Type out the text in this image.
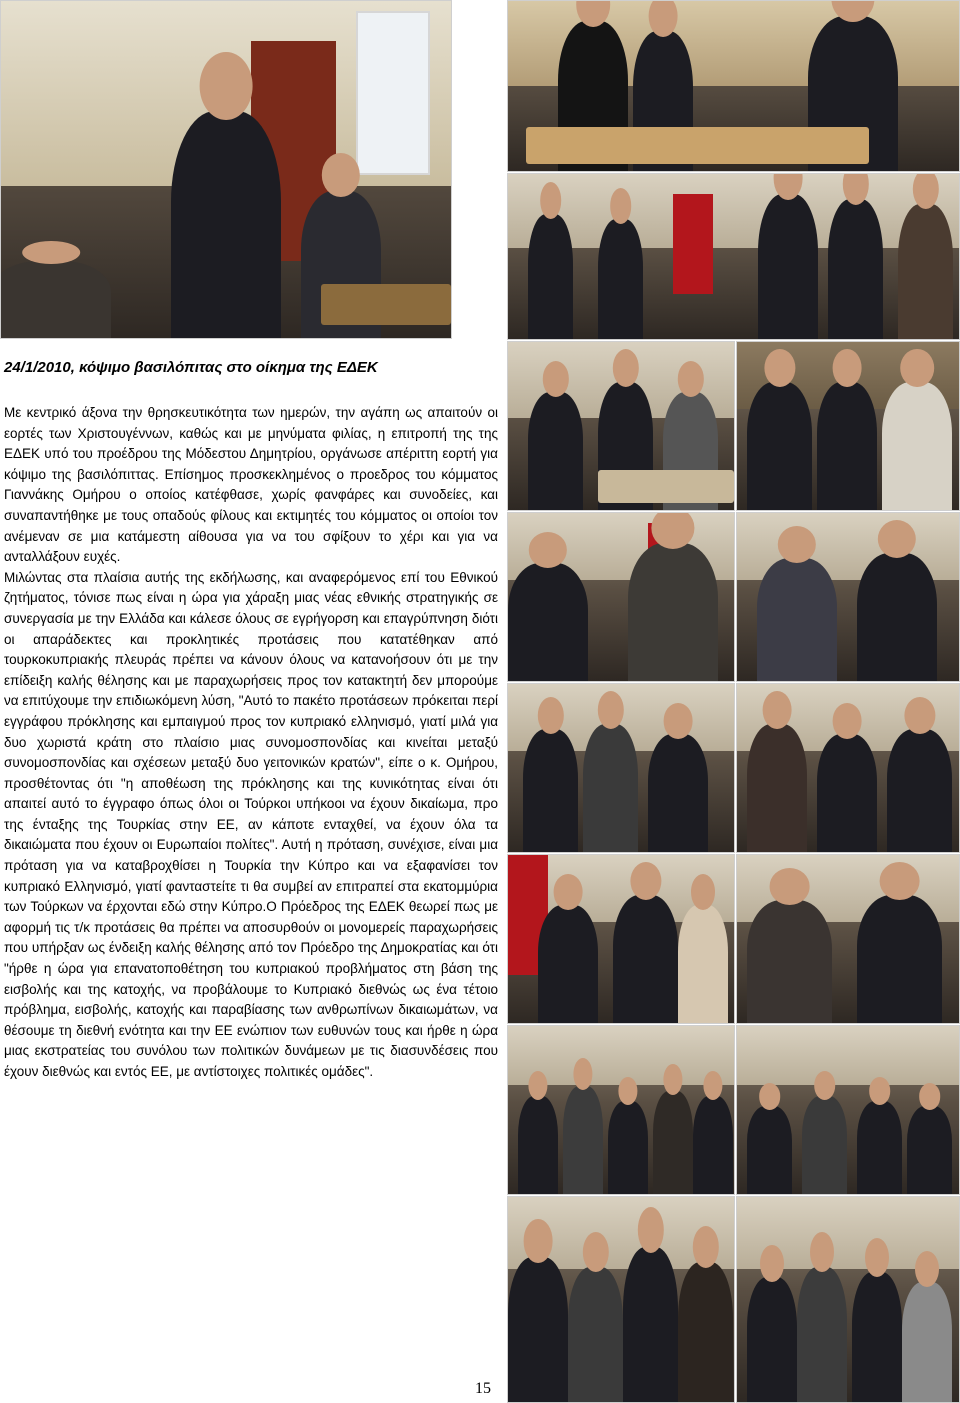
24/1/2010, κόψιμο βασιλόπιτας στο οίκημα της ΕΔΕΚ

Με κεντρικό άξονα την θρησκευτικότητα των ημερών, την αγάπη ως απαιτούν οι εορτές των Χριστουγέννων, καθώς και με μηνύματα φιλίας, η επιτροπή της της ΕΔΕΚ υπό του προέδρου της Μόδεστου Δημητρίου, οργάνωσε απέριττη εορτή για κόψιμο της βασιλόπιττας. Επίσημος προσκεκλημένος ο προεδρος του κόμματος Γιαννάκης Ομήρου ο οποίος κατέφθασε, χωρίς φανφάρες και συνοδείες, και συναπαντήθηκε με τους οπαδούς φίλους και εκτιμητές του κόμματος οι οποίοι τον ανέμεναν σε μια κατάμεστη αίθουσα για να του σφίξουν το χέρι και για να ανταλλάξουν ευχές.

Μιλώντας στα πλαίσια αυτής της εκδήλωσης, και αναφερόμενος επί του Εθνικού ζητήματος, τόνισε πως είναι η ώρα για χάραξη μιας νέας εθνικής στρατηγικής σε συνεργασία με την Ελλάδα και κάλεσε όλους σε εγρήγορση και επαγρύπνηση διότι οι απαράδεκτες και προκλητικές προτάσεις που κατατέθηκαν από τουρκοκυπριακής πλευράς πρέπει να κάνουν όλους να κατανοήσουν ότι με την επίδειξη καλής θέλησης και με παραχωρήσεις προς τον κατακτητή δεν μπορούμε να επιτύχουμε την επιδιωκόμενη λύση, "Αυτό το πακέτο προτάσεων πρόκειται περί εγγράφου πρόκλησης και εμπαιγμού προς τον κυπριακό ελληνισμό, γιατί μιλά για δυο χωριστά κράτη στο πλαίσιο μιας συνομοσπονδίας και κινείται μεταξύ συνομοσπονδίας και σχέσεων μεταξύ δυο γειτονικών κρατών", είπε ο κ. Ομήρου, προσθέτοντας ότι "η αποθέωση της πρόκλησης και της κυνικότητας είναι ότι απαιτεί αυτό το έγγραφο όπως όλοι οι Τούρκοι υπήκοοι να έχουν δικαίωμα, προ της ένταξης της Τουρκίας στην ΕΕ, αν κάποτε ενταχθεί, να έχουν όλα τα δικαιώματα που έχουν οι Ευρωπαίοι πολίτες". Αυτή η πρόταση, συνέχισε, είναι μια πρόταση για να καταβροχθίσει η Τουρκία την Κύπρο και να εξαφανίσει τον κυπριακό Ελληνισμό, γιατί φανταστείτε τι θα συμβεί αν επιτραπεί στα εκατομμύρια των Τούρκων να έρχονται εδώ στην Κύπρο.Ο Πρόεδρος της ΕΔΕΚ θεωρεί πως με αφορμή τις τ/κ προτάσεις θα πρέπει να αποσυρθούν οι μονομερείς παραχωρήσεις που υπήρξαν ως ένδειξη καλής θέλησης από τον Πρόεδρο της Δημοκρατίας και ότι "ήρθε η ώρα για επανατοποθέτηση του κυπριακού προβλήματος στη βάση της εισβολής και της κατοχής, να προβάλουμε το Κυπριακό διεθνώς ως ένα τέτοιο πρόβλημα, εισβολής, κατοχής και παραβίασης των ανθρωπίνων δικαιωμάτων, να θέσουμε τη διεθνή ενότητα και την ΕΕ ενώπιον των ευθυνών τους και ήρθε η ώρα μιας εκστρατείας του συνόλου των πολιτικών δυνάμεων με τις διασυνδέσεις που έχουν διεθνώς και εντός ΕΕ, με αντίστοιχες πολιτικές ομάδες".

15
